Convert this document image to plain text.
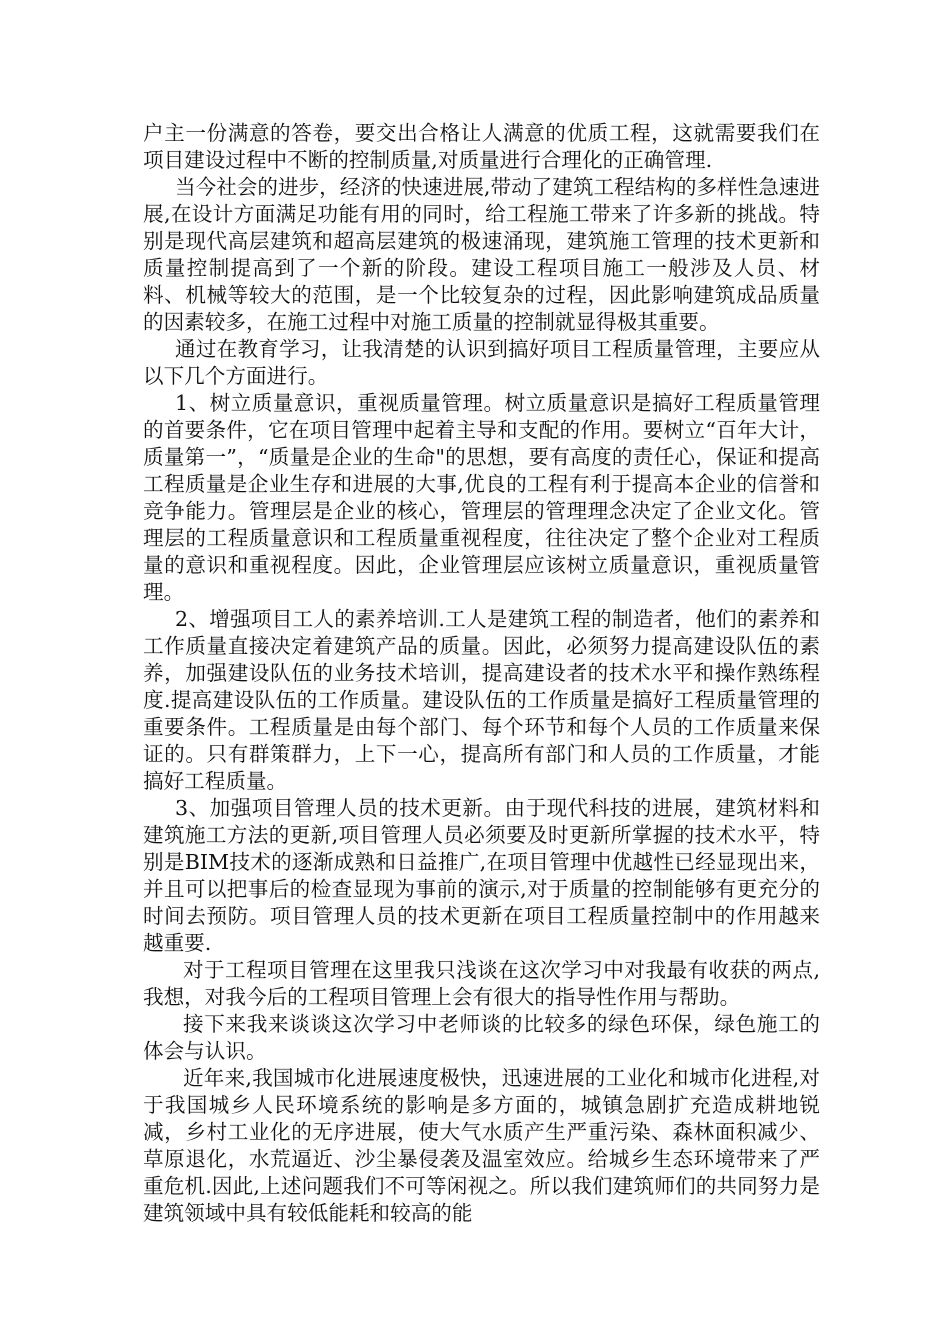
户主一份满意的答卷，要交出合格让人满意的优质工程，这就需要我们在项目建设过程中不断的控制质量,对质量进行合理化的正确管理.

当今社会的进步，经济的快速进展,带动了建筑工程结构的多样性急速进展,在设计方面满足功能有用的同时，给工程施工带来了许多新的挑战。特别是现代高层建筑和超高层建筑的极速涌现，建筑施工管理的技术更新和质量控制提高到了一个新的阶段。建设工程项目施工一般涉及人员、材料、机械等较大的范围，是一个比较复杂的过程，因此影响建筑成品质量的因素较多，在施工过程中对施工质量的控制就显得极其重要。

通过在教育学习，让我清楚的认识到搞好项目工程质量管理，主要应从以下几个方面进行。

1、树立质量意识，重视质量管理。树立质量意识是搞好工程质量管理的首要条件，它在项目管理中起着主导和支配的作用。要树立“百年大计，质量第一”，“质量是企业的生命"的思想，要有高度的责任心，保证和提高工程质量是企业生存和进展的大事,优良的工程有利于提高本企业的信誉和竞争能力。管理层是企业的核心，管理层的管理理念决定了企业文化。管理层的工程质量意识和工程质量重视程度，往往决定了整个企业对工程质量的意识和重视程度。因此，企业管理层应该树立质量意识，重视质量管理。

2、增强项目工人的素养培训.工人是建筑工程的制造者，他们的素养和工作质量直接决定着建筑产品的质量。因此，必须努力提高建设队伍的素养，加强建设队伍的业务技术培训，提高建设者的技术水平和操作熟练程度.提高建设队伍的工作质量。建设队伍的工作质量是搞好工程质量管理的重要条件。工程质量是由每个部门、每个环节和每个人员的工作质量来保证的。只有群策群力，上下一心，提高所有部门和人员的工作质量，才能搞好工程质量。

3、加强项目管理人员的技术更新。由于现代科技的进展，建筑材料和建筑施工方法的更新,项目管理人员必须要及时更新所掌握的技术水平，特别是BIM技术的逐渐成熟和日益推广,在项目管理中优越性已经显现出来，并且可以把事后的检查显现为事前的演示,对于质量的控制能够有更充分的时间去预防。项目管理人员的技术更新在项目工程质量控制中的作用越来越重要.

对于工程项目管理在这里我只浅谈在这次学习中对我最有收获的两点,我想，对我今后的工程项目管理上会有很大的指导性作用与帮助。

接下来我来谈谈这次学习中老师谈的比较多的绿色环保，绿色施工的体会与认识。

近年来,我国城市化进展速度极快，迅速进展的工业化和城市化进程,对于我国城乡人民环境系统的影响是多方面的，城镇急剧扩充造成耕地锐减，乡村工业化的无序进展，使大气水质产生严重污染、森林面积减少、草原退化，水荒逼近、沙尘暴侵袭及温室效应。给城乡生态环境带来了严重危机.因此,上述问题我们不可等闲视之。所以我们建筑师们的共同努力是建筑领域中具有较低能耗和较高的能
